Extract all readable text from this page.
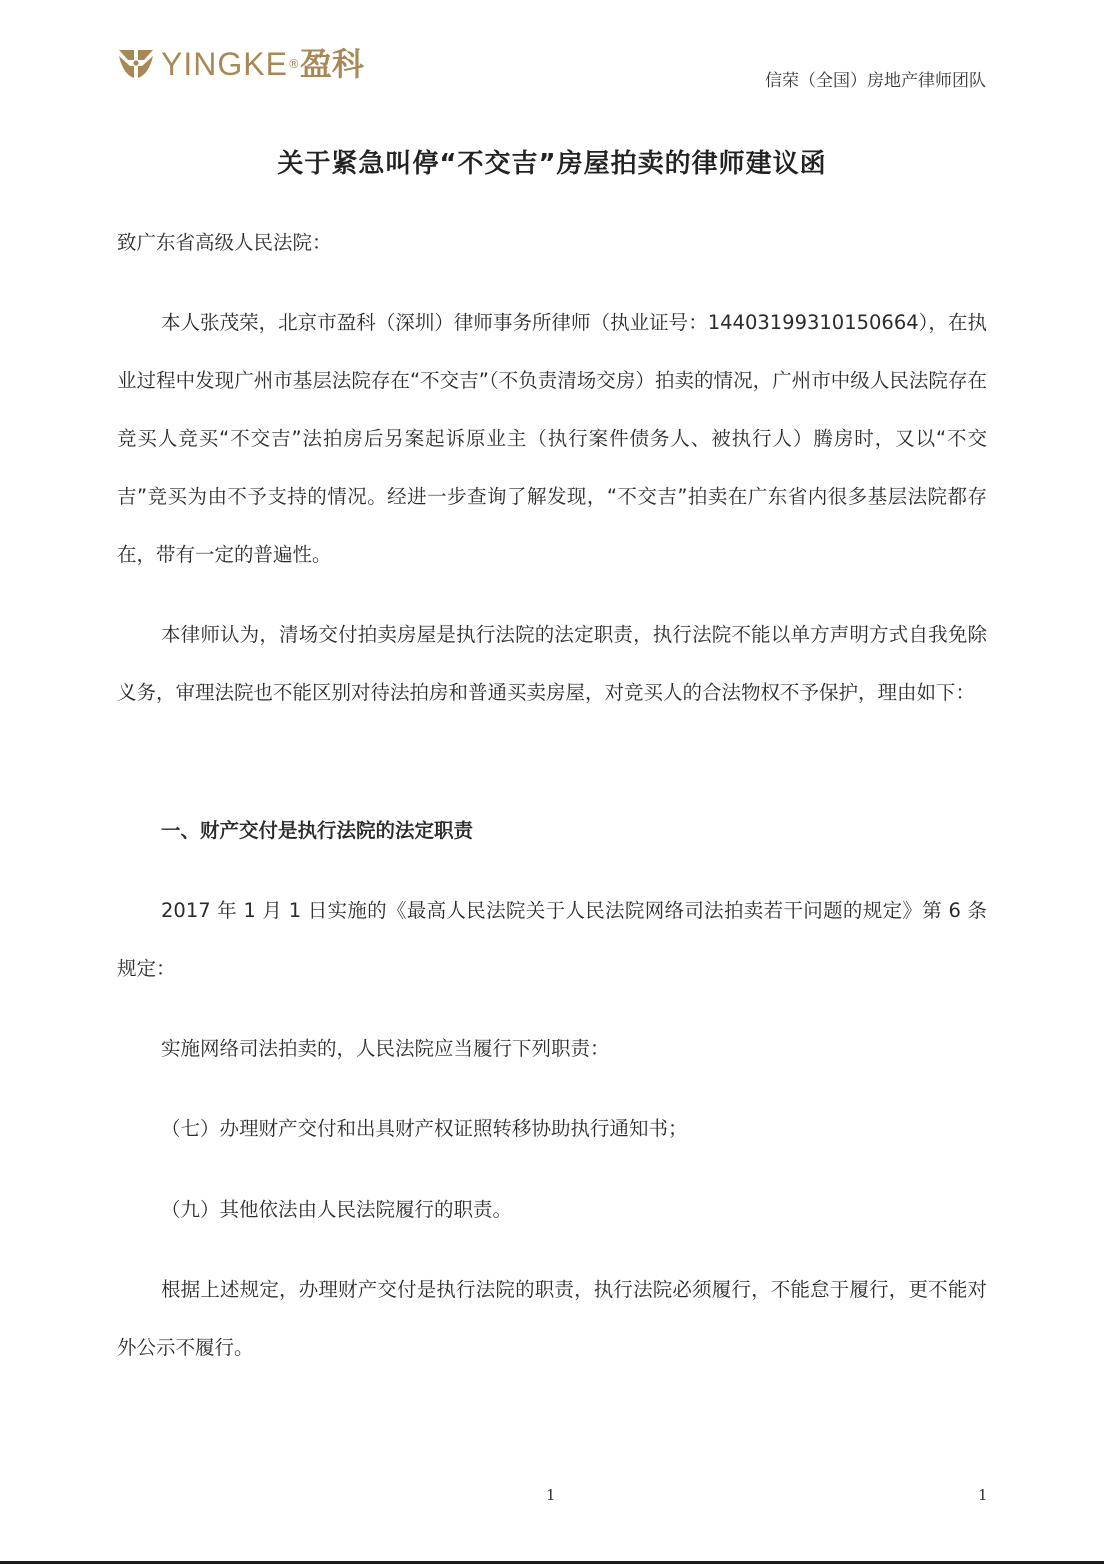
YINGKE ® 盈科	信荣（全国）房地产律师团队
关于紧急叫停“不交吉”房屋拍卖的律师建议函

致广东省高级人民法院：

本人张茂荣，北京市盈科（深圳）律师事务所律师（执业证号：14403199310150664），在执业过程中发现广州市基层法院存在“不交吉”（不负责清场交房）拍卖的情况，广州市中级人民法院存在竞买人竞买“不交吉”法拍房后另案起诉原业主（执行案件债务人、被执行人）腾房时，又以“不交吉”竞买为由不予支持的情况。经进一步查询了解发现，“不交吉”拍卖在广东省内很多基层法院都存在，带有一定的普遍性。

本律师认为，清场交付拍卖房屋是执行法院的法定职责，执行法院不能以单方声明方式自我免除义务，审理法院也不能区别对待法拍房和普通买卖房屋，对竞买人的合法物权不予保护，理由如下：

一、财产交付是执行法院的法定职责

2017 年 1 月 1 日实施的《最高人民法院关于人民法院网络司法拍卖若干问题的规定》第 6 条规定：

实施网络司法拍卖的，人民法院应当履行下列职责：

（七）办理财产交付和出具财产权证照转移协助执行通知书；

（九）其他依法由人民法院履行的职责。

根据上述规定，办理财产交付是执行法院的职责，执行法院必须履行，不能怠于履行，更不能对外公示不履行。

1	1
